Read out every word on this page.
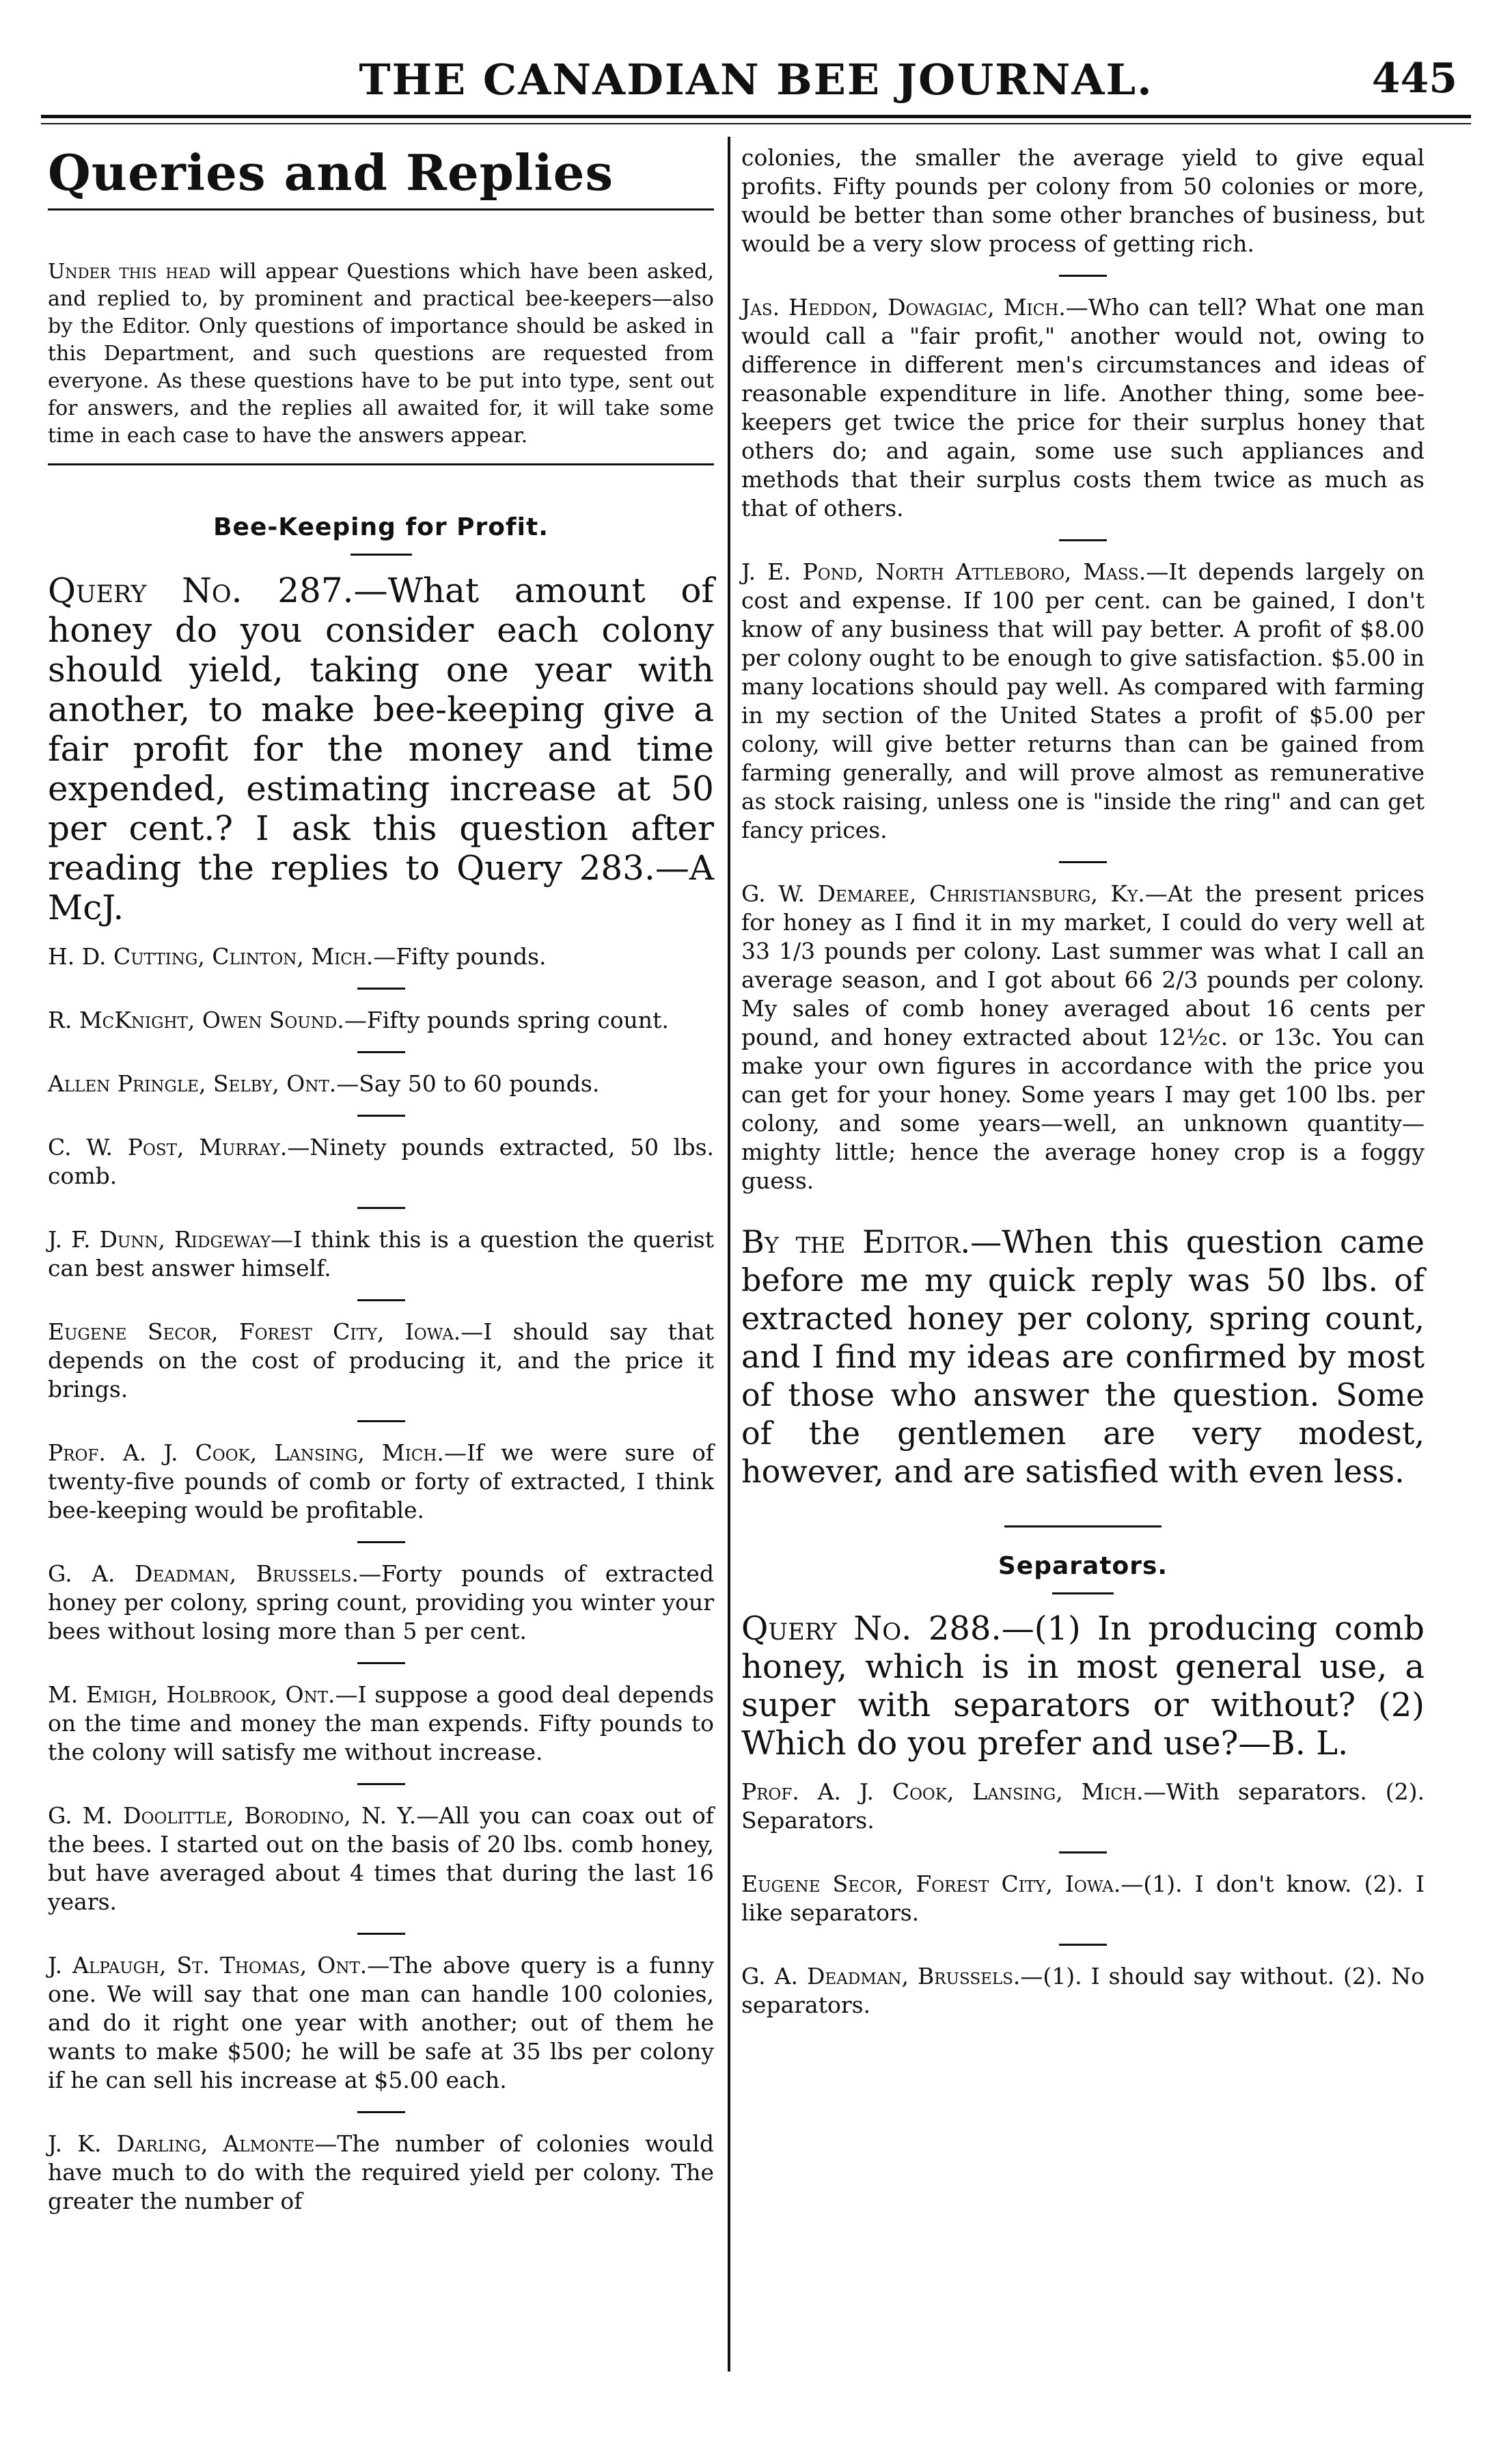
THE CANADIAN BEE JOURNAL.	445
Queries and Replies

Under this head will appear Questions which have been asked, and replied to, by prominent and practical bee-keepers—also by the Editor. Only questions of importance should be asked in this Department, and such questions are requested from everyone. As these questions have to be put into type, sent out for answers, and the replies all awaited for, it will take some time in each case to have the answers appear.

Bee-Keeping for Profit.

Query No. 287.—What amount of honey do you consider each colony should yield, taking one year with another, to make bee-keeping give a fair profit for the money and time expended, estimating increase at 50 per cent.? I ask this question after reading the replies to Query 283.—A McJ.

H. D. Cutting, Clinton, Mich.—Fifty pounds.

R. McKnight, Owen Sound.—Fifty pounds spring count.

Allen Pringle, Selby, Ont.—Say 50 to 60 pounds.

C. W. Post, Murray.—Ninety pounds extracted, 50 lbs. comb.

J. F. Dunn, Ridgeway—I think this is a question the querist can best answer himself.

Eugene Secor, Forest City, Iowa.—I should say that depends on the cost of producing it, and the price it brings.

Prof. A. J. Cook, Lansing, Mich.—If we were sure of twenty-five pounds of comb or forty of extracted, I think bee-keeping would be profitable.

G. A. Deadman, Brussels.—Forty pounds of extracted honey per colony, spring count, providing you winter your bees without losing more than 5 per cent.

M. Emigh, Holbrook, Ont.—I suppose a good deal depends on the time and money the man expends. Fifty pounds to the colony will satisfy me without increase.

G. M. Doolittle, Borodino, N. Y.—All you can coax out of the bees. I started out on the basis of 20 lbs. comb honey, but have averaged about 4 times that during the last 16 years.

J. Alpaugh, St. Thomas, Ont.—The above query is a funny one. We will say that one man can handle 100 colonies, and do it right one year with another; out of them he wants to make $500; he will be safe at 35 lbs per colony if he can sell his increase at $5.00 each.

J. K. Darling, Almonte—The number of colonies would have much to do with the required yield per colony. The greater the number of

colonies, the smaller the average yield to give equal profits. Fifty pounds per colony from 50 colonies or more, would be better than some other branches of business, but would be a very slow process of getting rich.

Jas. Heddon, Dowagiac, Mich.—Who can tell? What one man would call a "fair profit," another would not, owing to difference in different men's circumstances and ideas of reasonable expenditure in life. Another thing, some bee-keepers get twice the price for their surplus honey that others do; and again, some use such appliances and methods that their surplus costs them twice as much as that of others.

J. E. Pond, North Attleboro, Mass.—It depends largely on cost and expense. If 100 per cent. can be gained, I don't know of any business that will pay better. A profit of $8.00 per colony ought to be enough to give satisfaction. $5.00 in many locations should pay well. As compared with farming in my section of the United States a profit of $5.00 per colony, will give better returns than can be gained from farming generally, and will prove almost as remunerative as stock raising, unless one is "inside the ring" and can get fancy prices.

G. W. Demaree, Christiansburg, Ky.—At the present prices for honey as I find it in my market, I could do very well at 33 1/3 pounds per colony. Last summer was what I call an average season, and I got about 66 2/3 pounds per colony. My sales of comb honey averaged about 16 cents per pound, and honey extracted about 12½c. or 13c. You can make your own figures in accordance with the price you can get for your honey. Some years I may get 100 lbs. per colony, and some years—well, an unknown quantity—mighty little; hence the average honey crop is a foggy guess.

By the Editor.—When this question came before me my quick reply was 50 lbs. of extracted honey per colony, spring count, and I find my ideas are confirmed by most of those who answer the question. Some of the gentlemen are very modest, however, and are satisfied with even less.

Separators.

Query No. 288.—(1) In producing comb honey, which is in most general use, a super with separators or without? (2) Which do you prefer and use?—B. L.

Prof. A. J. Cook, Lansing, Mich.—With separators. (2). Separators.

Eugene Secor, Forest City, Iowa.—(1). I don't know. (2). I like separators.

G. A. Deadman, Brussels.—(1). I should say without. (2). No separators.
